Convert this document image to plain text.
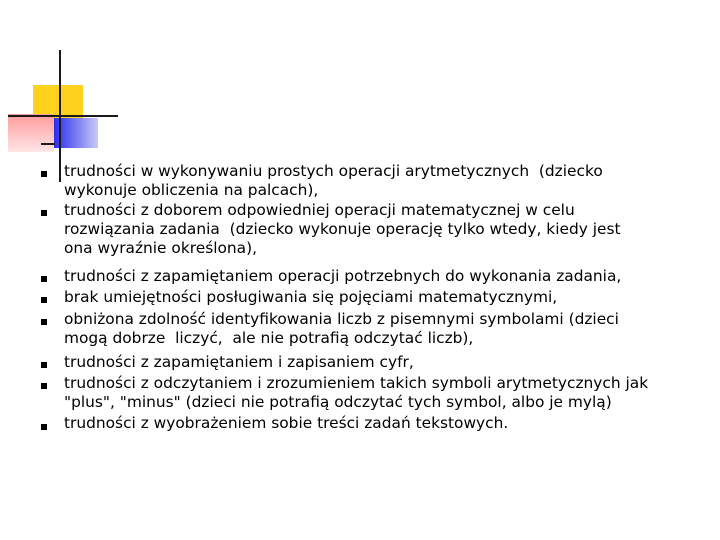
trudności w wykonywaniu prostych operacji arytmetycznych  (dziecko
wykonuje obliczenia na palcach),
trudności z doborem odpowiedniej operacji matematycznej w celu
rozwiązania zadania  (dziecko wykonuje operację tylko wtedy, kiedy jest
ona wyraźnie określona),
trudności z zapamiętaniem operacji potrzebnych do wykonania zadania,
brak umiejętności posługiwania się pojęciami matematycznymi,
obniżona zdolność identyfikowania liczb z pisemnymi symbolami (dzieci
mogą dobrze  liczyć,  ale nie potrafią odczytać liczb),
trudności z zapamiętaniem i zapisaniem cyfr,
trudności z odczytaniem i zrozumieniem takich symboli arytmetycznych jak
"plus", "minus" (dzieci nie potrafią odczytać tych symbol, albo je mylą)
trudności z wyobrażeniem sobie treści zadań tekstowych.
